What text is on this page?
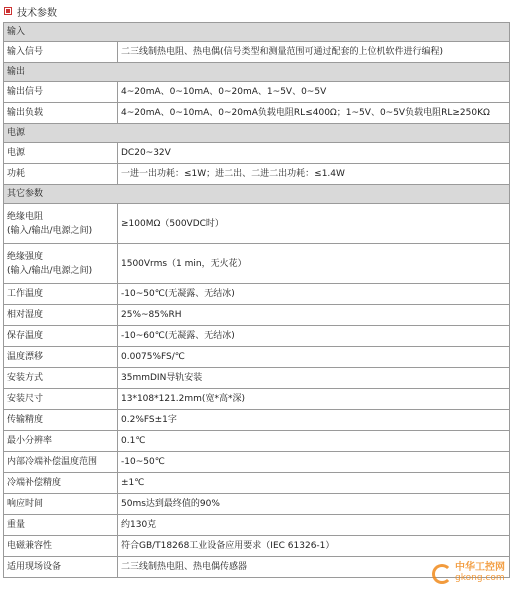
技术参数
输入	
输入信号	二三线制热电阻、热电偶(信号类型和测量范围可通过配套的上位机软件进行编程)
输出	
输出信号	4~20mA、0~10mA、0~20mA、1~5V、0~5V
输出负载	4~20mA、0~10mA、0~20mA负载电阻RL≤400Ω；1~5V、0~5V负载电阻RL≥250KΩ
电源	
电源	DC20~32V
功耗	一进一出功耗：≤1W；进二出、二进二出功耗：≤1.4W
其它参数	

绝缘电阻
(输入/输出/电源之间)	≥100MΩ（500VDC时）

绝缘强度
(输入/输出/电源之间)	1500Vrms（1 min，无火花）
工作温度	-10~50℃(无凝露、无结冰)
相对湿度	25%~85%RH
保存温度	-10~60℃(无凝露、无结冰)
温度漂移	0.0075%FS/℃
安装方式	35mmDIN导轨安装
安装尺寸	13*108*121.2mm(宽*高*深)
传输精度	0.2%FS±1字
最小分辨率	0.1℃
内部冷端补偿温度范围	-10~50℃
冷端补偿精度	±1℃
响应时间	50ms达到最终值的90%
重量	约130克
电磁兼容性	符合GB/T18268工业设备应用要求（IEC 61326-1）
适用现场设备	二三线制热电阻、热电偶传感器	中华工控网
gkong.com
